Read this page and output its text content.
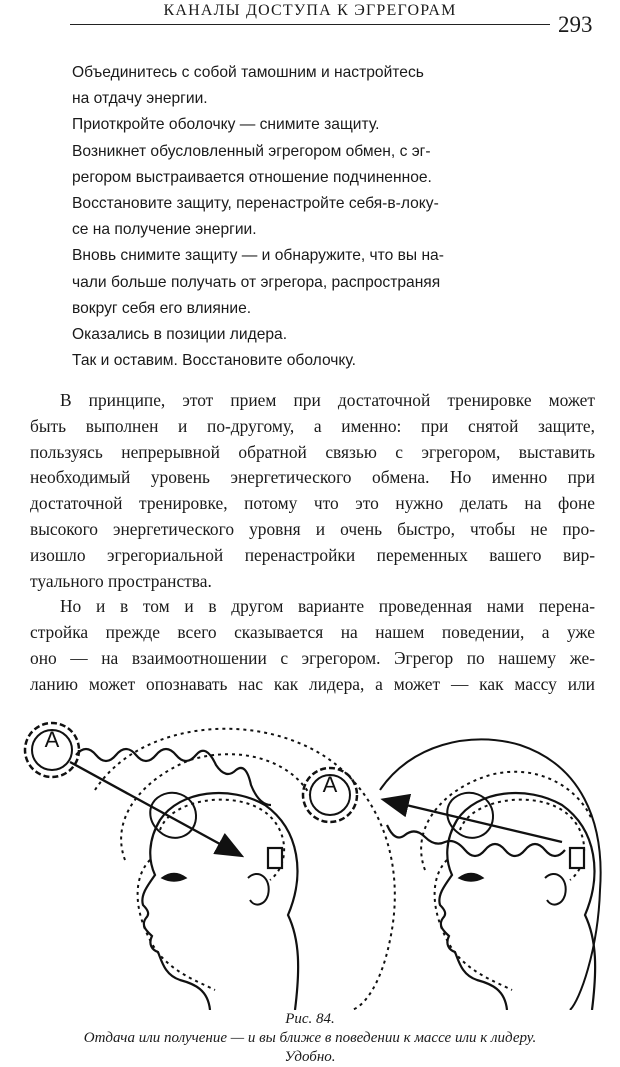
КАНАЛЫ ДОСТУПА К ЭГРЕГОРАМ
293
Объединитесь с собой тамошним и настройтесь
на отдачу энергии.
Приоткройте оболочку — снимите защиту.
Возникнет обусловленный эгрегором обмен, с эг-
регором выстраивается отношение подчиненное.
Восстановите защиту, перенастройте себя-в-локу-
се на получение энергии.
Вновь снимите защиту — и обнаружите, что вы на-
чали больше получать от эгрегора, распространяя
вокруг себя его влияние.
Оказались в позиции лидера.
Так и оставим. Восстановите оболочку.
В принципе, этот прием при достаточной тренировке может
быть выполнен и по-другому, а именно: при снятой защите,
пользуясь непрерывной обратной связью с эгрегором, выставить
необходимый уровень энергетического обмена. Но именно при
достаточной тренировке, потому что это нужно делать на фоне
высокого энергетического уровня и очень быстро, чтобы не про-
изошло эгрегориальной перенастройки переменных вашего вир-
туального пространства.
Но и в том и в другом варианте проведенная нами перена-
стройка прежде всего сказывается на нашем поведении, а уже
оно — на взаимоотношении с эгрегором. Эгрегор по нашему же-
ланию может опознавать нас как лидера, а может — как массу или
A
A
Рис. 84.
Отдача или получение — и вы ближе в поведении к массе или к лидеру.
Удобно.
